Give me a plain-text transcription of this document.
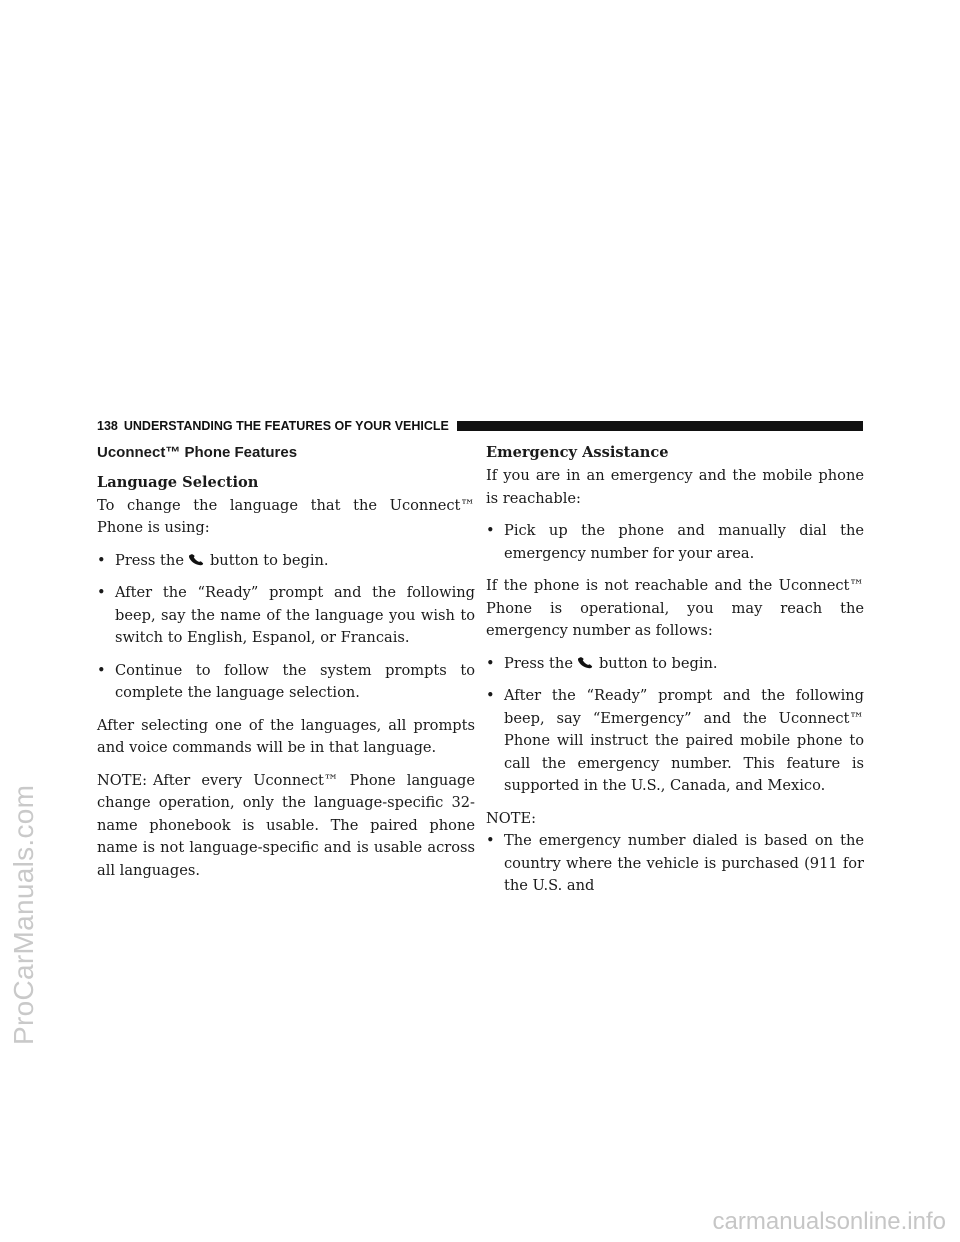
ProCarManuals.com
138 UNDERSTANDING THE FEATURES OF YOUR VEHICLE
Uconnect™ Phone Features
Language Selection

To change the language that the Uconnect™ Phone is using:

• Press the button to begin.
• After the “Ready” prompt and the following beep, say the name of the language you wish to switch to English, Espanol, or Francais.
• Continue to follow the system prompts to complete the language selection.

After selecting one of the languages, all prompts and voice commands will be in that language.

NOTE: After every Uconnect™ Phone language change operation, only the language-specific 32-name phonebook is usable. The paired phone name is not language-specific and is usable across all languages.

Emergency Assistance

If you are in an emergency and the mobile phone is reachable:

• Pick up the phone and manually dial the emergency number for your area.

If the phone is not reachable and the Uconnect™ Phone is operational, you may reach the emergency number as follows:

• Press the button to begin.
• After the “Ready” prompt and the following beep, say “Emergency” and the Uconnect™ Phone will instruct the paired mobile phone to call the emergency number. This feature is supported in the U.S., Canada, and Mexico.
NOTE:
• The emergency number dialed is based on the country where the vehicle is purchased (911 for the U.S. and
carmanualsonline.info
